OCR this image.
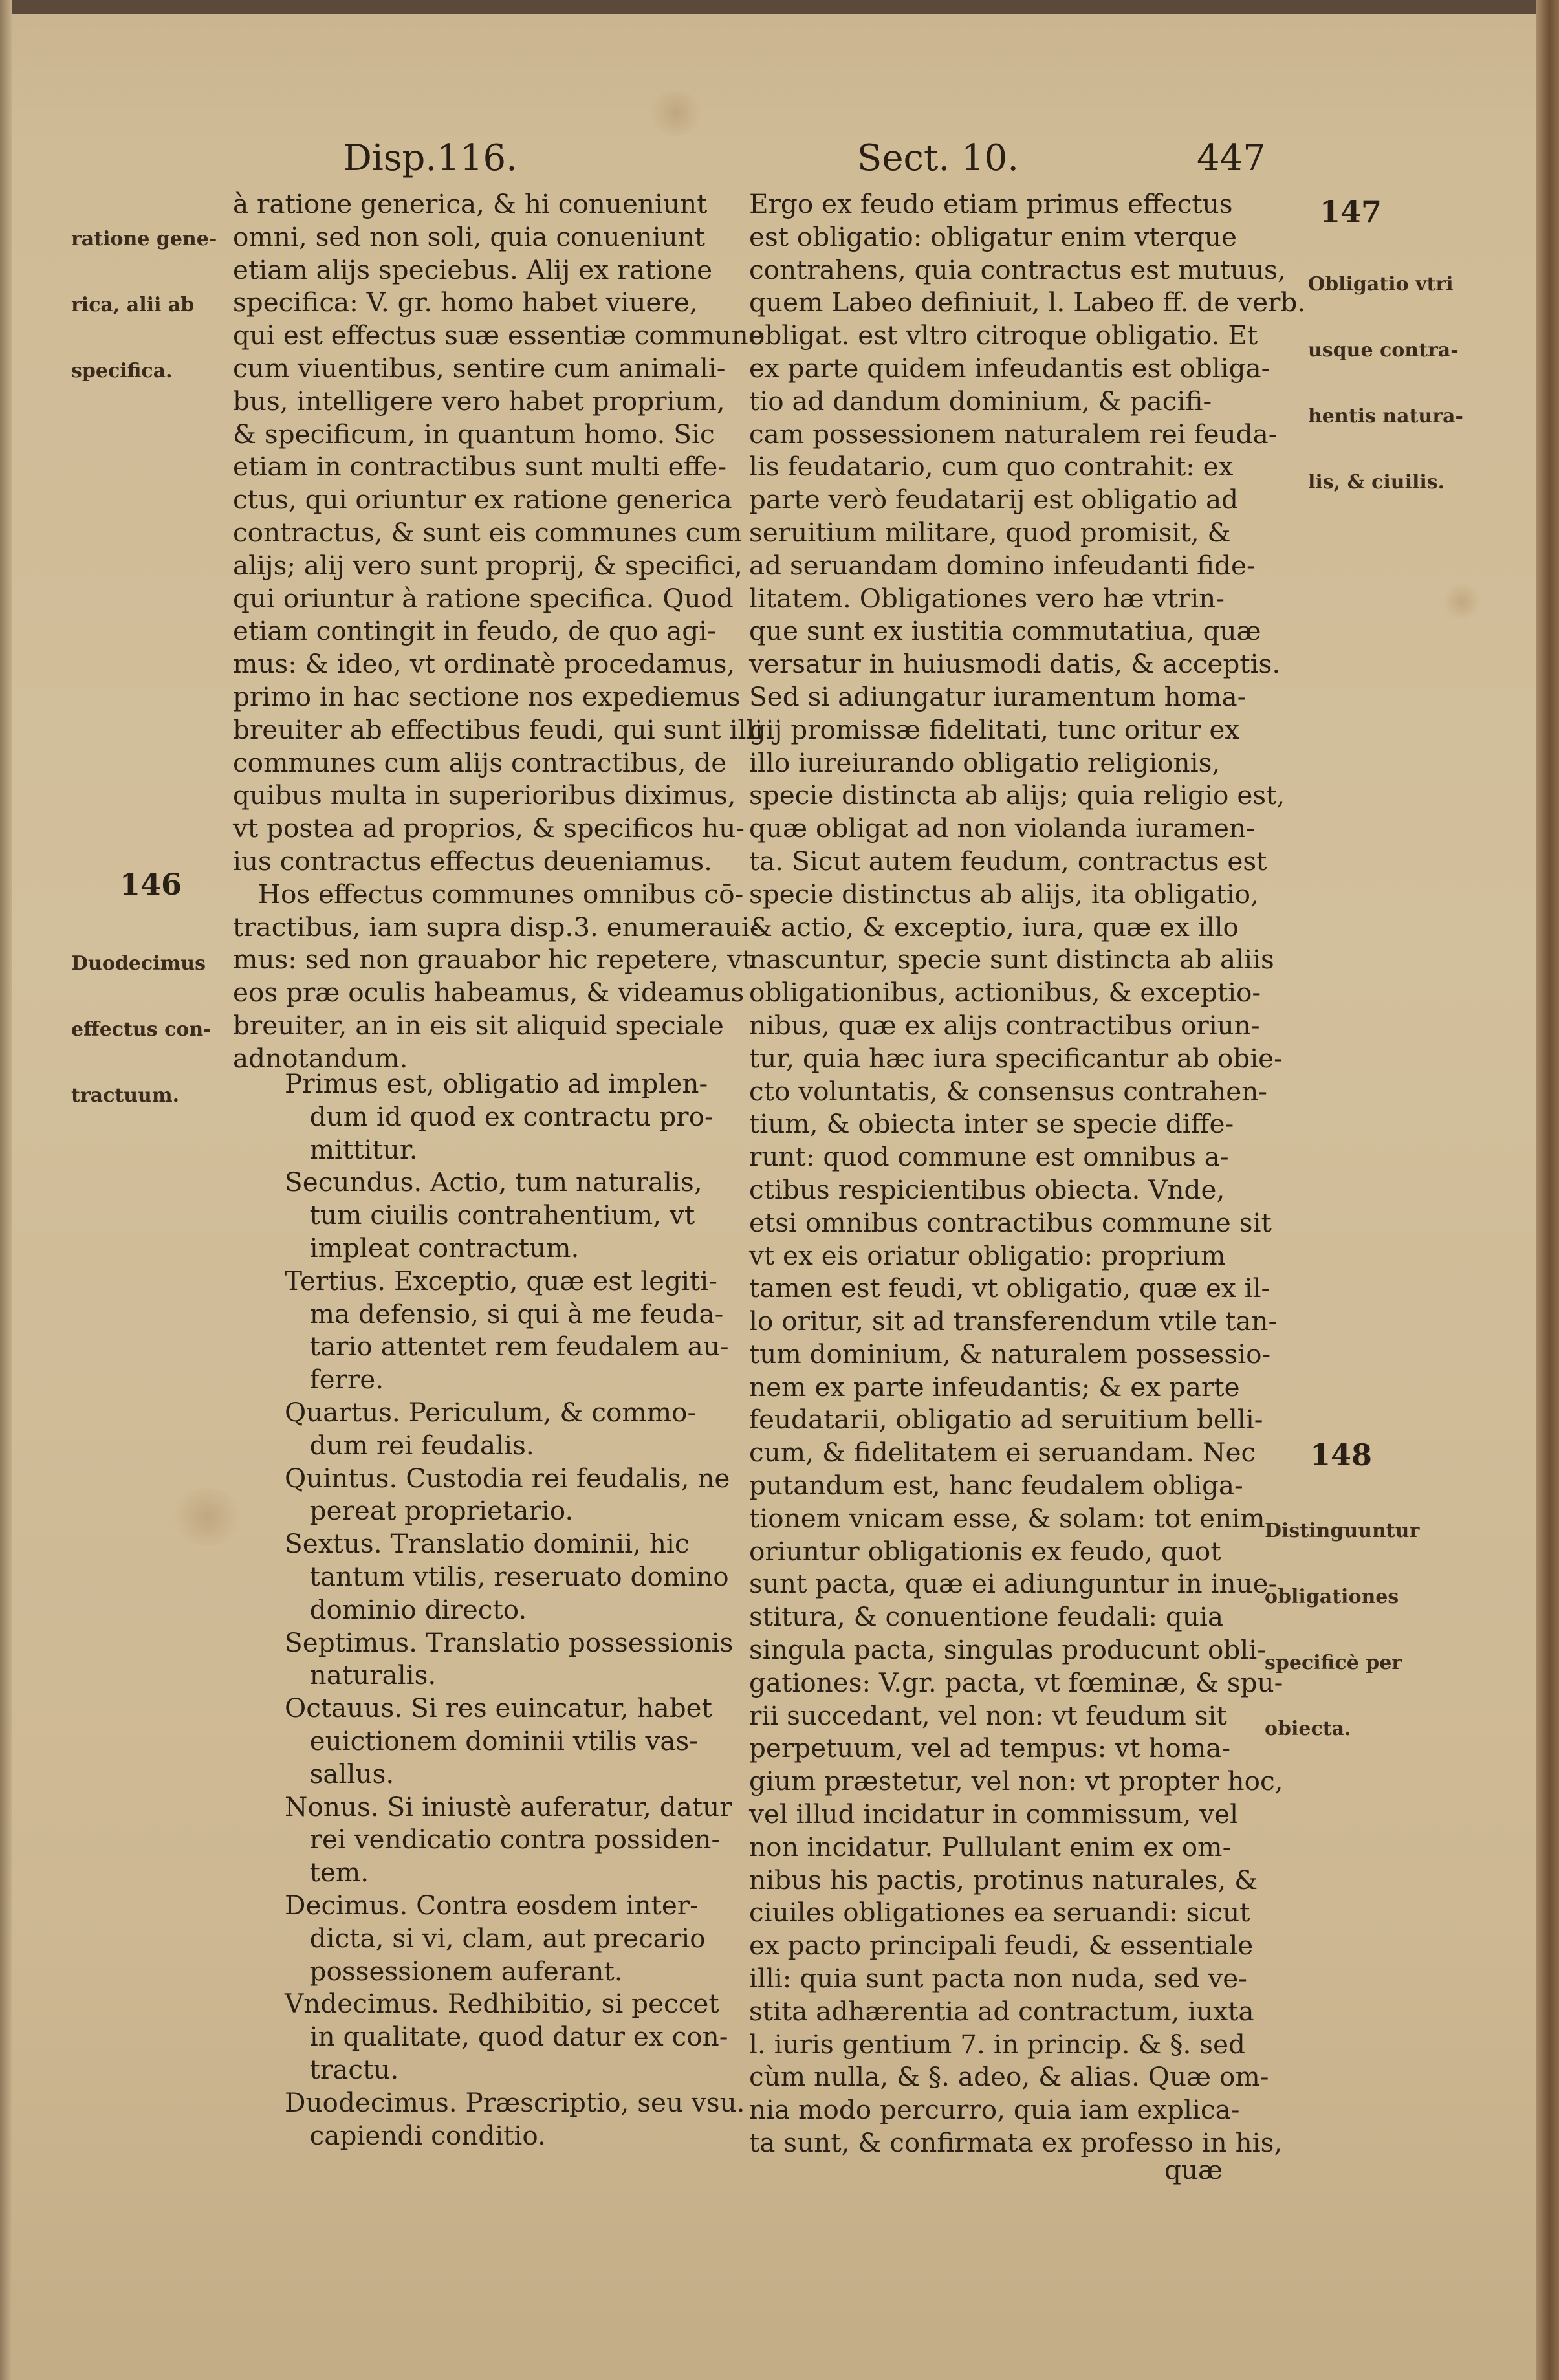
Disp.116.	Sect. 10.	447

ratione gene-

rica, alii ab

specifica.

146

Duodecimus

effectus con-

tractuum.

147

Obligatio vtri

usque contra-

hentis natura-

lis, & ciuilis.

148

Distinguuntur

obligationes

specificè per

obiecta.

à ratione generica, & hi conueniunt
omni, sed non soli, quia conueniunt
etiam alijs speciebus. Alij ex ratione
specifica: V. gr. homo habet viuere,
qui est effectus suæ essentiæ commune
cum viuentibus, sentire cum animali-
bus, intelligere vero habet proprium,
& specificum, in quantum homo. Sic
etiam in contractibus sunt multi effe-
ctus, qui oriuntur ex ratione generica
contractus, & sunt eis communes cum
alijs; alij vero sunt proprij, & specifici,
qui oriuntur à ratione specifica. Quod
etiam contingit in feudo, de quo agi-
mus: & ideo, vt ordinatè procedamus,
primo in hac sectione nos expediemus
breuiter ab effectibus feudi, qui sunt illi
communes cum alijs contractibus, de
quibus multa in superioribus diximus,
vt postea ad proprios, & specificos hu-
ius contractus effectus deueniamus.
Hos effectus communes omnibus cō-
tractibus, iam supra disp.3. enumeraui-
mus: sed non grauabor hic repetere, vt
eos præ oculis habeamus, & videamus
breuiter, an in eis sit aliquid speciale
adnotandum.
Primus est, obligatio ad implen-
dum id quod ex contractu pro-
mittitur.
Secundus. Actio, tum naturalis,
tum ciuilis contrahentium, vt
impleat contractum.
Tertius. Exceptio, quæ est legiti-
ma defensio, si qui à me feuda-
tario attentet rem feudalem au-
ferre.
Quartus. Periculum, & commo-
dum rei feudalis.
Quintus. Custodia rei feudalis, ne
pereat proprietario.
Sextus. Translatio dominii, hic
tantum vtilis, reseruato domino
dominio directo.
Septimus. Translatio possessionis
naturalis.
Octauus. Si res euincatur, habet
euictionem dominii vtilis vas-
sallus.
Nonus. Si iniustè auferatur, datur
rei vendicatio contra possiden-
tem.
Decimus. Contra eosdem inter-
dicta, si vi, clam, aut precario
possessionem auferant.
Vndecimus. Redhibitio, si peccet
in qualitate, quod datur ex con-
tractu.
Duodecimus. Præscriptio, seu vsu.
capiendi conditio.
Ergo ex feudo etiam primus effectus
est obligatio: obligatur enim vterque
contrahens, quia contractus est mutuus,
quem Labeo definiuit, l. Labeo ff. de verb.
obligat. est vltro citroque obligatio. Et
ex parte quidem infeudantis est obliga-
tio ad dandum dominium, & pacifi-
cam possessionem naturalem rei feuda-
lis feudatario, cum quo contrahit: ex
parte verò feudatarij est obligatio ad
seruitium militare, quod promisit, &
ad seruandam domino infeudanti fide-
litatem. Obligationes vero hæ vtrin-
que sunt ex iustitia commutatiua, quæ
versatur in huiusmodi datis, & acceptis.
Sed si adiungatur iuramentum homa-
gij promissæ fidelitati, tunc oritur ex
illo iureiurando obligatio religionis,
specie distincta ab alijs; quia religio est,
quæ obligat ad non violanda iuramen-
ta. Sicut autem feudum, contractus est
specie distinctus ab alijs, ita obligatio,
& actio, & exceptio, iura, quæ ex illo
nascuntur, specie sunt distincta ab aliis
obligationibus, actionibus, & exceptio-
nibus, quæ ex alijs contractibus oriun-
tur, quia hæc iura specificantur ab obie-
cto voluntatis, & consensus contrahen-
tium, & obiecta inter se specie diffe-
runt: quod commune est omnibus a-
ctibus respicientibus obiecta. Vnde,
etsi omnibus contractibus commune sit
vt ex eis oriatur obligatio: proprium
tamen est feudi, vt obligatio, quæ ex il-
lo oritur, sit ad transferendum vtile tan-
tum dominium, & naturalem possessio-
nem ex parte infeudantis; & ex parte
feudatarii, obligatio ad seruitium belli-
cum, & fidelitatem ei seruandam. Nec
putandum est, hanc feudalem obliga-
tionem vnicam esse, & solam: tot enim
oriuntur obligationis ex feudo, quot
sunt pacta, quæ ei adiunguntur in inue-
stitura, & conuentione feudali: quia
singula pacta, singulas producunt obli-
gationes: V.gr. pacta, vt fœminæ, & spu-
rii succedant, vel non: vt feudum sit
perpetuum, vel ad tempus: vt homa-
gium præstetur, vel non: vt propter hoc,
vel illud incidatur in commissum, vel
non incidatur. Pullulant enim ex om-
nibus his pactis, protinus naturales, &
ciuiles obligationes ea seruandi: sicut
ex pacto principali feudi, & essentiale
illi: quia sunt pacta non nuda, sed ve-
stita adhærentia ad contractum, iuxta
l. iuris gentium 7. in princip. & §. sed
cùm nulla, & §. adeo, & alias. Quæ om-
nia modo percurro, quia iam explica-
ta sunt, & confirmata ex professo in his,
quæ
